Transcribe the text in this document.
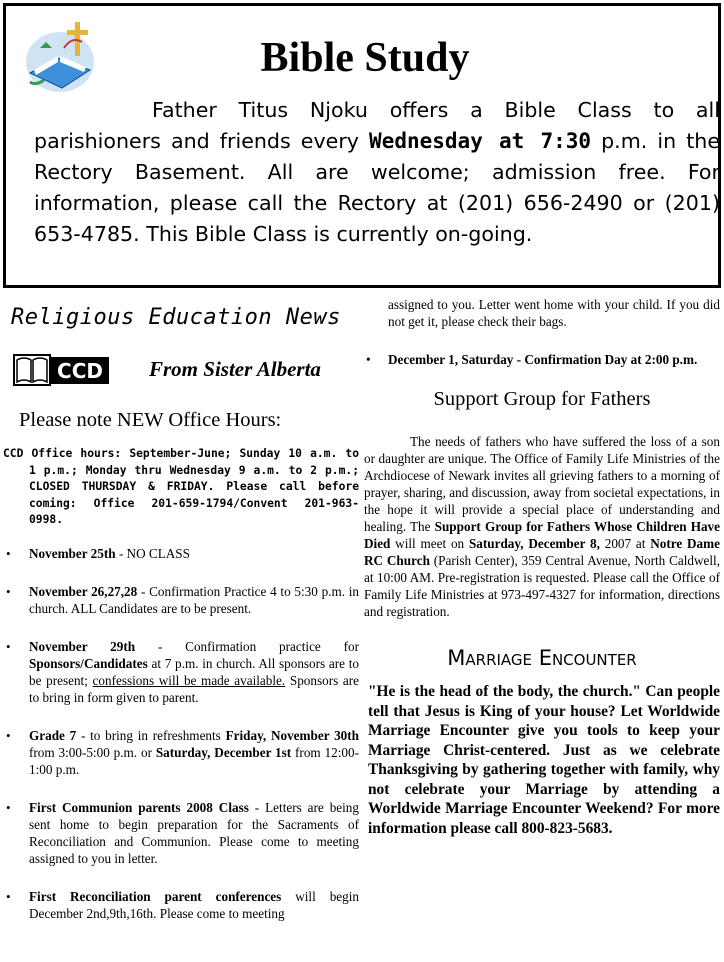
Bible Study

Father Titus Njoku offers a Bible Class to all parishioners and friends every Wednesday at 7:30 p.m. in the Rectory Basement. All are welcome; admission free. For information, please call the Rectory at (201) 656-2490 or (201) 653-4785. This Bible Class is currently on-going.

Religious Education News
CCD From Sister Alberta
Please note NEW Office Hours:

CCD Office hours: September-June; Sunday 10 a.m. to 1 p.m.; Monday thru Wednesday 9 a.m. to 2 p.m.; CLOSED THURSDAY & FRIDAY. Please call before coming: Office 201-659-1794/Convent 201-963-0998.

• November 25th - NO CLASS
• November 26,27,28 - Confirmation Practice 4 to 5:30 p.m. in church. ALL Candidates are to be present.
• November 29th - Confirmation practice for Sponsors/Candidates at 7 p.m. in church. All sponsors are to be present; confessions will be made available. Sponsors are to bring in form given to parent.
• Grade 7 - to bring in refreshments Friday, November 30th from 3:00-5:00 p.m. or Saturday, December 1st from 12:00-1:00 p.m.
• First Communion parents 2008 Class - Letters are being sent home to begin preparation for the Sacraments of Reconciliation and Communion. Please come to meeting assigned to you in letter.
• First Reconciliation parent conferences will begin December 2nd,9th,16th. Please come to meeting

assigned to you. Letter went home with your child. If you did not get it, please check their bags.

• December 1, Saturday - Confirmation Day at 2:00 p.m.
Support Group for Fathers

The needs of fathers who have suffered the loss of a son or daughter are unique. The Office of Family Life Ministries of the Archdiocese of Newark invites all grieving fathers to a morning of prayer, sharing, and discussion, away from societal expectations, in the hope it will provide a special place of understanding and healing. The Support Group for Fathers Whose Children Have Died will meet on Saturday, December 8, 2007 at Notre Dame RC Church (Parish Center), 359 Central Avenue, North Caldwell, at 10:00 AM. Pre-registration is requested. Please call the Office of Family Life Ministries at 973-497-4327 for information, directions and registration.

Marriage Encounter

"He is the head of the body, the church." Can people tell that Jesus is King of your house? Let Worldwide Marriage Encounter give you tools to keep your Marriage Christ-centered. Just as we celebrate Thanksgiving by gathering together with family, why not celebrate your Marriage by attending a Worldwide Marriage Encounter Weekend? For more information please call 800-823-5683.
